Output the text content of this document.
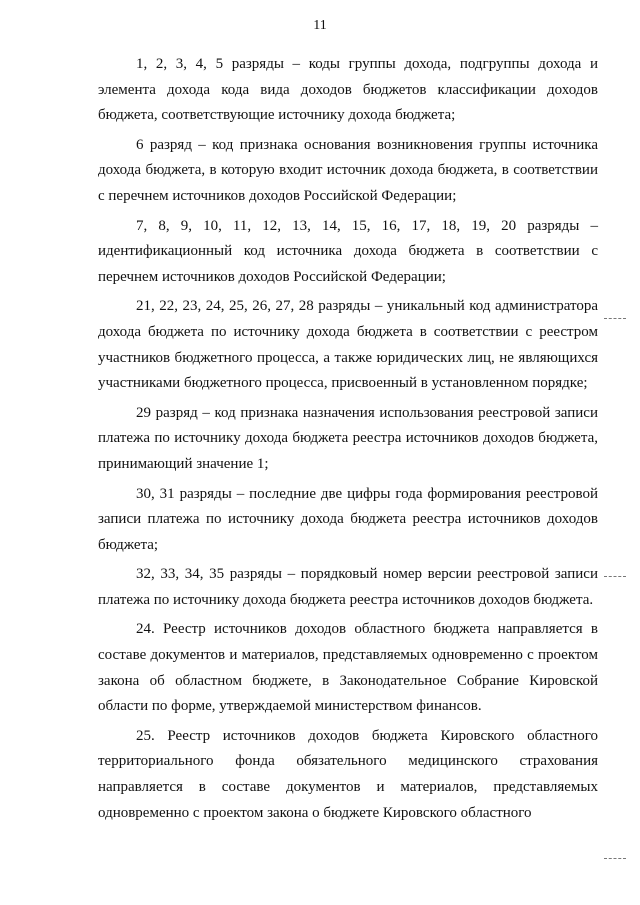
11

1, 2, 3, 4, 5 разряды – коды группы дохода, подгруппы дохода и элемента дохода кода вида доходов бюджетов классификации доходов бюджета, соответствующие источнику дохода бюджета;

6 разряд – код признака основания возникновения группы источника дохода бюджета, в которую входит источник дохода бюджета, в соответствии с перечнем источников доходов Российской Федерации;

7, 8, 9, 10, 11, 12, 13, 14, 15, 16, 17, 18, 19, 20 разряды – идентификационный код источника дохода бюджета в соответствии с перечнем источников доходов Российской Федерации;

21, 22, 23, 24, 25, 26, 27, 28 разряды – уникальный код администратора дохода бюджета по источнику дохода бюджета в соответствии с реестром участников бюджетного процесса, а также юридических лиц, не являющихся участниками бюджетного процесса, присвоенный в установленном порядке;

29 разряд – код признака назначения использования реестровой записи платежа по источнику дохода бюджета реестра источников доходов бюджета, принимающий значение 1;

30, 31 разряды – последние две цифры года формирования реестровой записи платежа по источнику дохода бюджета реестра источников доходов бюджета;

32, 33, 34, 35 разряды – порядковый номер версии реестровой записи платежа по источнику дохода бюджета реестра источников доходов бюджета.

24. Реестр источников доходов областного бюджета направляется в составе документов и материалов, представляемых одновременно с проектом закона об областном бюджете, в Законодательное Собрание Кировской области по форме, утверждаемой министерством финансов.

25. Реестр источников доходов бюджета Кировского областного территориального фонда обязательного медицинского страхования направляется в составе документов и материалов, представляемых одновременно с проектом закона о бюджете Кировского областного
